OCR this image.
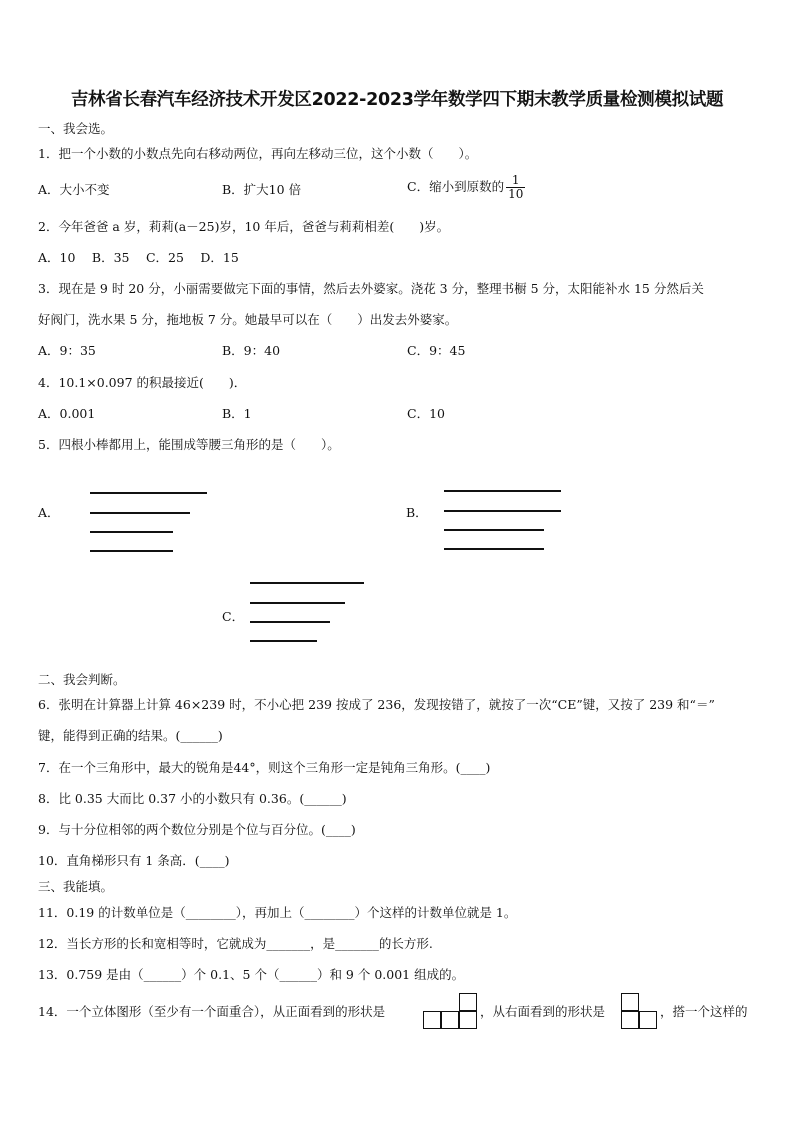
吉林省长春汽车经济技术开发区2022-2023学年数学四下期末教学质量检测模拟试题
一、我会选。
1．把一个小数的小数点先向右移动两位，再向左移动三位，这个小数（　　）。
A．大小不变	B．扩大10 倍	C．缩小到原数的 $\frac{1}{10}$
2．今年爸爸 a 岁，莉莉(a－25)岁，10 年后，爸爸与莉莉相差(　　)岁。
A．10　 B．35　 C．25　 D．15
3．现在是 9 时 20 分，小丽需要做完下面的事情，然后去外婆家。浇花 3 分，整理书橱 5 分，太阳能补水 15 分然后关
好阀门，洗水果 5 分，拖地板 7 分。她最早可以在（　　）出发去外婆家。
A．9：35	B．9：40	C．9：45
4．10.1×0.097 的积最接近(　　)．
A．0.001	B．1	C．10
5．四根小棒都用上，能围成等腰三角形的是（　　）。
A．	B．
C．
二、我会判断。
6．张明在计算器上计算 46×239 时，不小心把 239 按成了 236，发现按错了，就按了一次“CE”键，又按了 239 和“＝”
键，能得到正确的结果。(______)
7．在一个三角形中，最大的锐角是44°，则这个三角形一定是钝角三角形。(____)
8．比 0.35 大而比 0.37 小的小数只有 0.36。(______)
9．与十分位相邻的两个数位分别是个位与百分位。(____)
10．直角梯形只有 1 条高．(____)
三、我能填。
11．0.19 的计数单位是（________），再加上（________）个这样的计数单位就是 1。
12．当长方形的长和宽相等时，它就成为_______，是_______的长方形.
13．0.759 是由（______）个 0.1、5 个（______）和 9 个 0.001 组成的。
14．一个立体图形（至少有一个面重合），从正面看到的形状是	，从右面看到的形状是	，搭一个这样的
